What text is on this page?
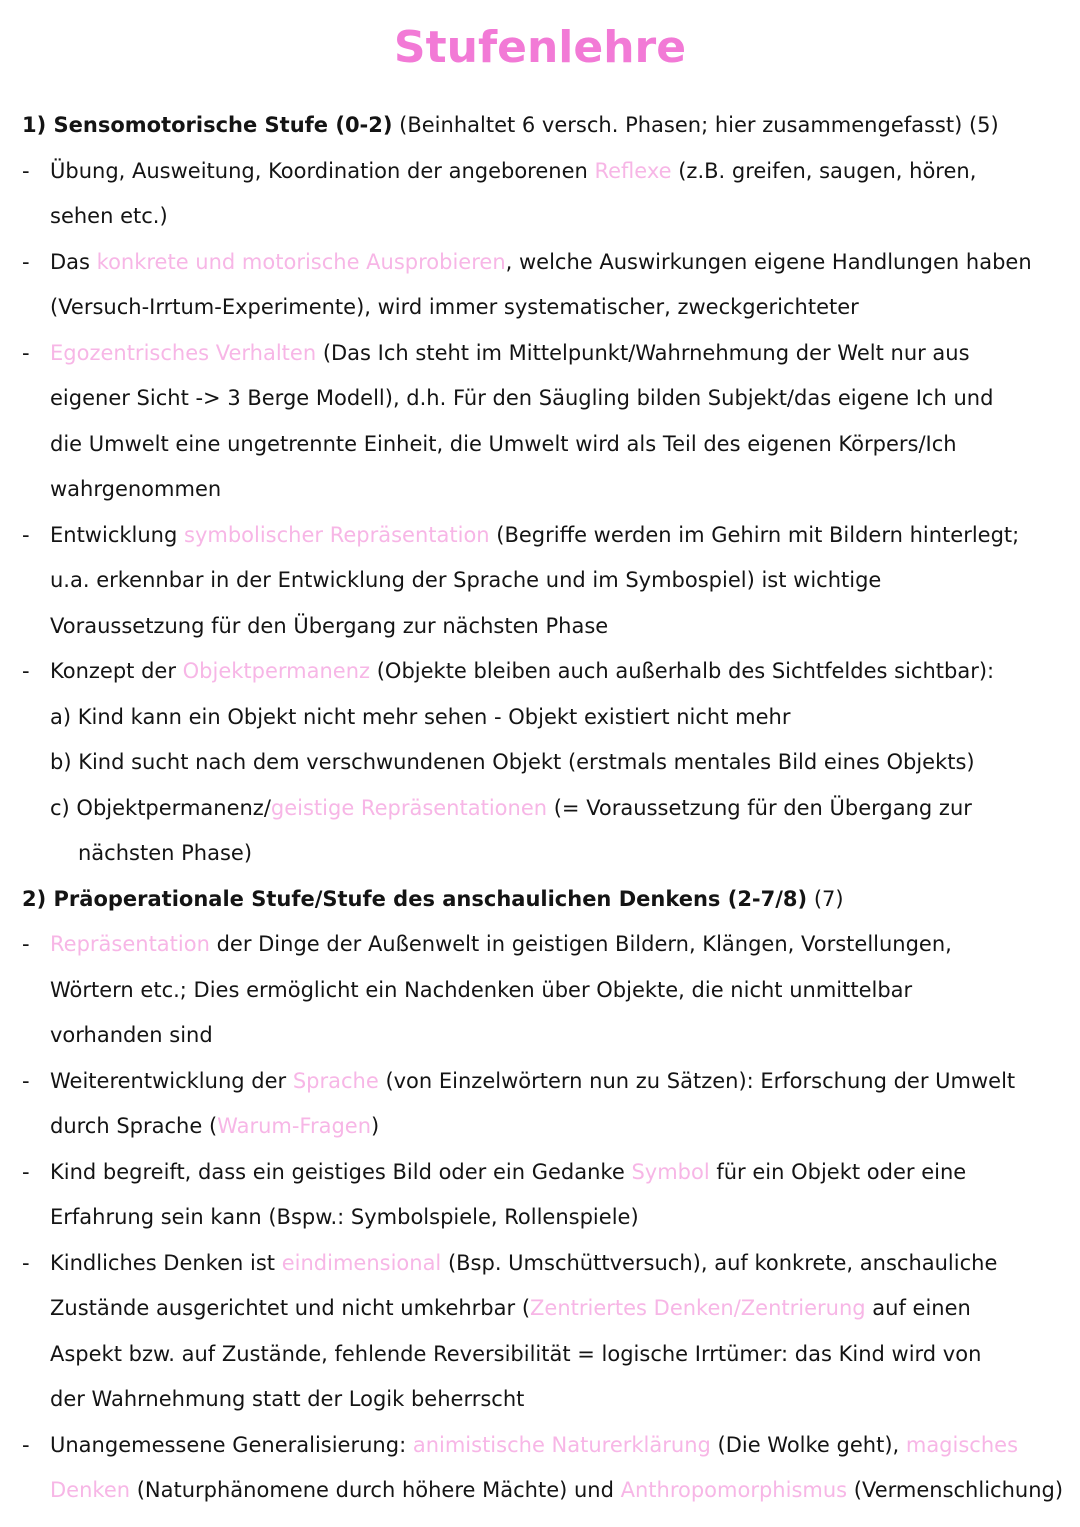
Stufenlehre
1) Sensomotorische Stufe (0-2) (Beinhaltet 6 versch. Phasen; hier zusammengefasst) (5)
- Übung, Ausweitung, Koordination der angeborenen Reflexe (z.B. greifen, saugen, hören,
sehen etc.)
- Das konkrete und motorische Ausprobieren, welche Auswirkungen eigene Handlungen haben
(Versuch-Irrtum-Experimente), wird immer systematischer, zweckgerichteter
- Egozentrisches Verhalten (Das Ich steht im Mittelpunkt/Wahrnehmung der Welt nur aus
eigener Sicht -> 3 Berge Modell), d.h. Für den Säugling bilden Subjekt/das eigene Ich und
die Umwelt eine ungetrennte Einheit, die Umwelt wird als Teil des eigenen Körpers/Ich
wahrgenommen
- Entwicklung symbolischer Repräsentation (Begriffe werden im Gehirn mit Bildern hinterlegt;
u.a. erkennbar in der Entwicklung der Sprache und im Symbospiel) ist wichtige
Voraussetzung für den Übergang zur nächsten Phase
- Konzept der Objektpermanenz (Objekte bleiben auch außerhalb des Sichtfeldes sichtbar):
a) Kind kann ein Objekt nicht mehr sehen - Objekt existiert nicht mehr
b) Kind sucht nach dem verschwundenen Objekt (erstmals mentales Bild eines Objekts)
c) Objektpermanenz/geistige Repräsentationen (= Voraussetzung für den Übergang zur
nächsten Phase)
2) Präoperationale Stufe/Stufe des anschaulichen Denkens (2-7/8) (7)
- Repräsentation der Dinge der Außenwelt in geistigen Bildern, Klängen, Vorstellungen,
Wörtern etc.; Dies ermöglicht ein Nachdenken über Objekte, die nicht unmittelbar
vorhanden sind
- Weiterentwicklung der Sprache (von Einzelwörtern nun zu Sätzen): Erforschung der Umwelt
durch Sprache (Warum-Fragen)
- Kind begreift, dass ein geistiges Bild oder ein Gedanke Symbol für ein Objekt oder eine
Erfahrung sein kann (Bspw.: Symbolspiele, Rollenspiele)
- Kindliches Denken ist eindimensional (Bsp. Umschüttversuch), auf konkrete, anschauliche
Zustände ausgerichtet und nicht umkehrbar (Zentriertes Denken/Zentrierung auf einen
Aspekt bzw. auf Zustände, fehlende Reversibilität = logische Irrtümer: das Kind wird von
der Wahrnehmung statt der Logik beherrscht
- Unangemessene Generalisierung: animistische Naturerklärung (Die Wolke geht), magisches
Denken (Naturphänomene durch höhere Mächte) und Anthropomorphismus (Vermenschlichung)
